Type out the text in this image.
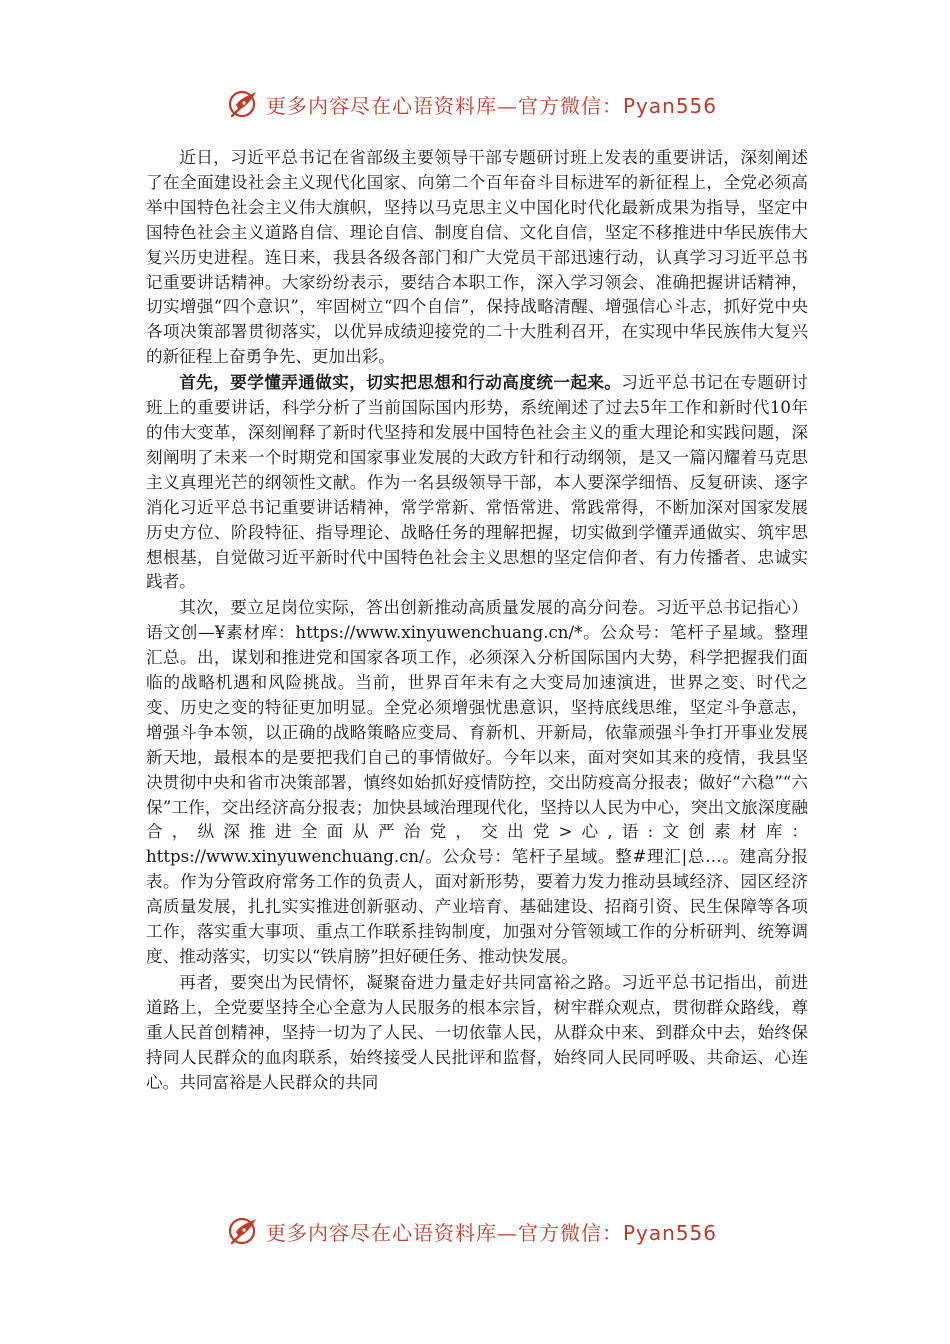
更多内容尽在心语资料库—官方微信：Pyan556

近日，习近平总书记在省部级主要领导干部专题研讨班上发表的重要讲话，深刻阐述了在全面建设社会主义现代化国家、向第二个百年奋斗目标进军的新征程上，全党必须高举中国特色社会主义伟大旗帜，坚持以马克思主义中国化时代化最新成果为指导，坚定中国特色社会主义道路自信、理论自信、制度自信、文化自信，坚定不移推进中华民族伟大复兴历史进程。连日来，我县各级各部门和广大党员干部迅速行动，认真学习习近平总书记重要讲话精神。大家纷纷表示，要结合本职工作，深入学习领会、准确把握讲话精神，切实增强“四个意识”，牢固树立“四个自信”，保持战略清醒、增强信心斗志，抓好党中央各项决策部署贯彻落实，以优异成绩迎接党的二十大胜利召开，在实现中华民族伟大复兴的新征程上奋勇争先、更加出彩。

首先，要学懂弄通做实，切实把思想和行动高度统一起来。习近平总书记在专题研讨班上的重要讲话，科学分析了当前国际国内形势，系统阐述了过去5年工作和新时代10年的伟大变革，深刻阐释了新时代坚持和发展中国特色社会主义的重大理论和实践问题，深刻阐明了未来一个时期党和国家事业发展的大政方针和行动纲领，是又一篇闪耀着马克思主义真理光芒的纲领性文献。作为一名县级领导干部，本人要深学细悟、反复研读、逐字消化习近平总书记重要讲话精神，常学常新、常悟常进、常践常得，不断加深对国家发展历史方位、阶段特征、指导理论、战略任务的理解把握，切实做到学懂弄通做实、筑牢思想根基，自觉做习近平新时代中国特色社会主义思想的坚定信仰者、有力传播者、忠诚实践者。

其次，要立足岗位实际，答出创新推动高质量发展的高分问卷。习近平总书记指心）语文创—¥素材库：https://www.xinyuwenchuang.cn/*。公众号：笔杆子星域。整理汇总。出，谋划和推进党和国家各项工作，必须深入分析国际国内大势，科学把握我们面临的战略机遇和风险挑战。当前，世界百年未有之大变局加速演进，世界之变、时代之变、历史之变的特征更加明显。全党必须增强忧患意识，坚持底线思维，坚定斗争意志，增强斗争本领，以正确的战略策略应变局、育新机、开新局，依靠顽强斗争打开事业发展新天地，最根本的是要把我们自己的事情做好。今年以来，面对突如其来的疫情，我县坚决贯彻中央和省市决策部署，慎终如始抓好疫情防控，交出防疫高分报表；做好“六稳”“六保”工作，交出经济高分报表；加快县域治理现代化，坚持以人民为中心，突出文旅深度融合，纵深推进全面从严治党，交出党>心,语:文创素材库：https://www.xinyuwenchuang.cn/。公众号：笔杆子星域。整#理汇|总…。建高分报表。作为分管政府常务工作的负责人，面对新形势，要着力发力推动县域经济、园区经济高质量发展，扎扎实实推进创新驱动、产业培育、基础建设、招商引资、民生保障等各项工作，落实重大事项、重点工作联系挂钩制度，加强对分管领域工作的分析研判、统筹调度、推动落实，切实以“铁肩膀”担好硬任务、推动快发展。

再者，要突出为民情怀，凝聚奋进力量走好共同富裕之路。习近平总书记指出，前进道路上，全党要坚持全心全意为人民服务的根本宗旨，树牢群众观点，贯彻群众路线，尊重人民首创精神，坚持一切为了人民、一切依靠人民，从群众中来、到群众中去，始终保持同人民群众的血肉联系，始终接受人民批评和监督，始终同人民同呼吸、共命运、心连心。共同富裕是人民群众的共同

更多内容尽在心语资料库—官方微信：Pyan556
